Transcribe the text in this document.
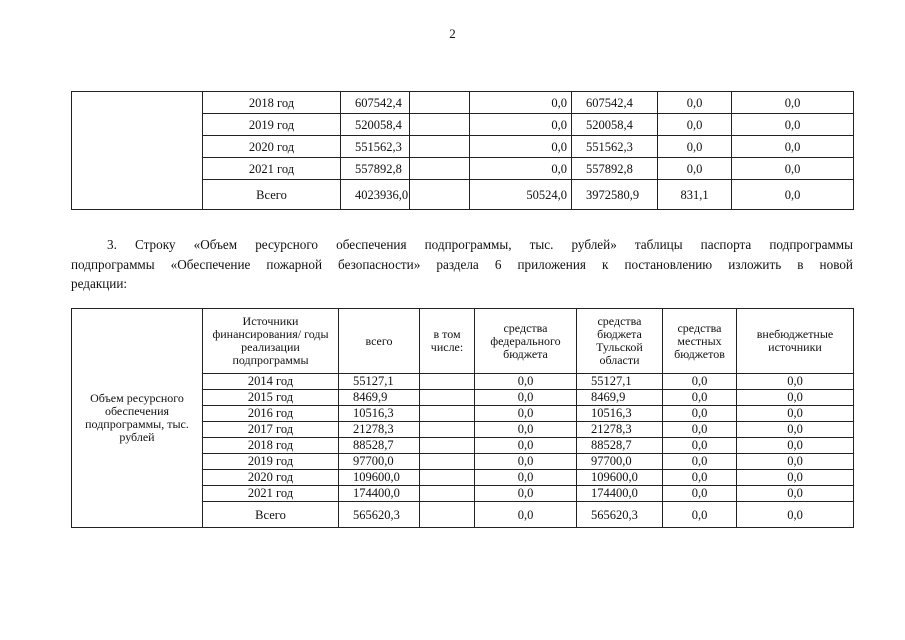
2
	2018 год	607542,4		0,0	607542,4	0,0	0,0
	2019 год	520058,4		0,0	520058,4	0,0	0,0
	2020 год	551562,3		0,0	551562,3	0,0	0,0
	2021 год	557892,8		0,0	557892,8	0,0	0,0
	Всего	4023936,0		50524,0	3972580,9	831,1	0,0
3. Строку «Объем ресурсного обеспечения подпрограммы, тыс. рублей» таблицы паспорта подпрограммы
подпрограммы «Обеспечение пожарной безопасности» раздела 6 приложения к постановлению изложить в новой
редакции:
Объем ресурсного обеспечения подпрограммы, тыс. рублей	Источники финансирования/ годы реализации подпрограммы	всего	в том числе:	средства федерального бюджета	средства бюджета Тульской области	средства местных бюджетов	внебюджетные источники
	2014 год	55127,1		0,0	55127,1	0,0	0,0
	2015 год	8469,9		0,0	8469,9	0,0	0,0
	2016 год	10516,3		0,0	10516,3	0,0	0,0
	2017 год	21278,3		0,0	21278,3	0,0	0,0
	2018 год	88528,7		0,0	88528,7	0,0	0,0
	2019 год	97700,0		0,0	97700,0	0,0	0,0
	2020 год	109600,0		0,0	109600,0	0,0	0,0
	2021 год	174400,0		0,0	174400,0	0,0	0,0
	Всего	565620,3		0,0	565620,3	0,0	0,0
